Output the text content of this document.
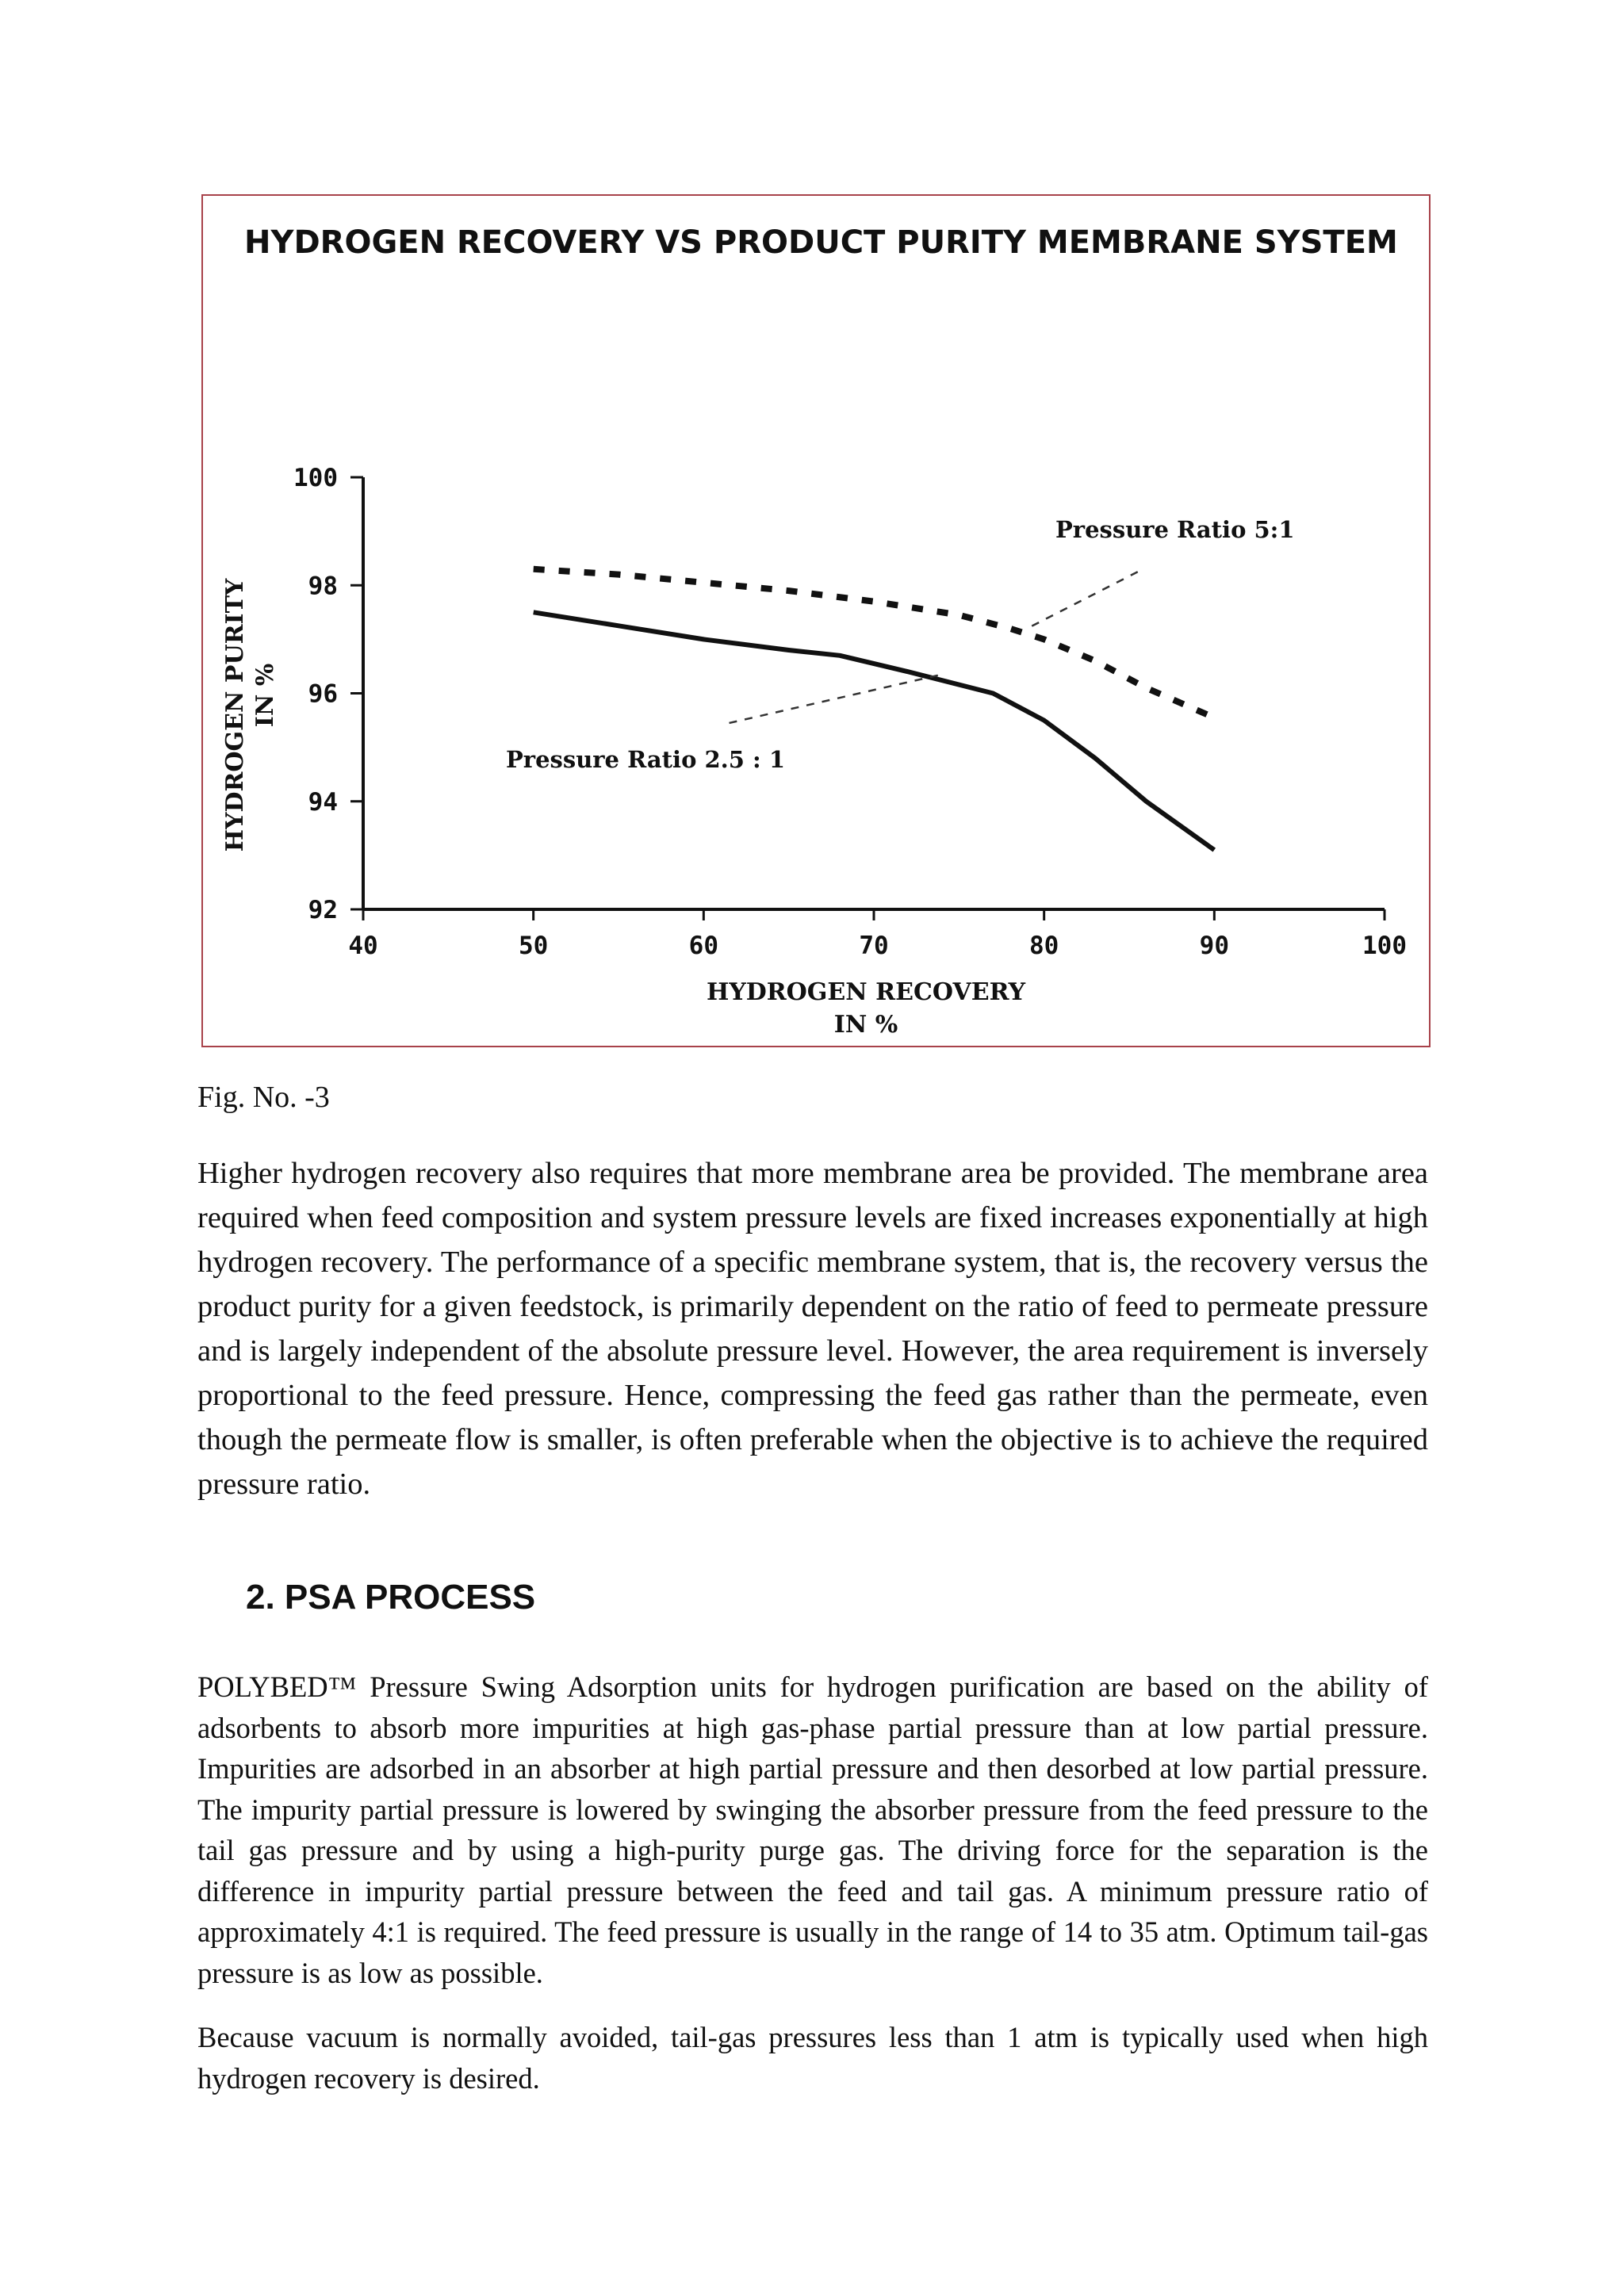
HYDROGEN RECOVERY VS PRODUCT PURITY MEMBRANE SYSTEM
40	50	60	70	80	90	100
100
98
96
94
92
Pressure Ratio 5:1
Pressure Ratio 2.5 : 1
HYDROGEN RECOVERY
IN %
HYDROGEN PURITY IN %

Fig. No. -3

Higher hydrogen recovery also requires that more membrane area be provided. The membrane area required when feed composition and system pressure levels are fixed increases exponentially at high hydrogen recovery. The performance of a specific membrane system, that is, the recovery versus the product purity for a given feedstock, is primarily dependent on the ratio of feed to permeate pressure and is largely independent of the absolute pressure level. However, the area requirement is inversely proportional to the feed pressure. Hence, compressing the feed gas rather than the permeate, even though the permeate flow is smaller, is often preferable when the objective is to achieve the required pressure ratio.

2. PSA PROCESS

POLYBED™ Pressure Swing Adsorption units for hydrogen purification are based on the ability of adsorbents to absorb more impurities at high gas-phase partial pressure than at low partial pressure. Impurities are adsorbed in an absorber at high partial pressure and then desorbed at low partial pressure. The impurity partial pressure is lowered by swinging the absorber pressure from the feed pressure to the tail gas pressure and by using a high-purity purge gas. The driving force for the separation is the difference in impurity partial pressure between the feed and tail gas. A minimum pressure ratio of approximately 4:1 is required. The feed pressure is usually in the range of 14 to 35 atm. Optimum tail-gas pressure is as low as possible.

Because vacuum is normally avoided, tail-gas pressures less than 1 atm is typically used when high hydrogen recovery is desired.
